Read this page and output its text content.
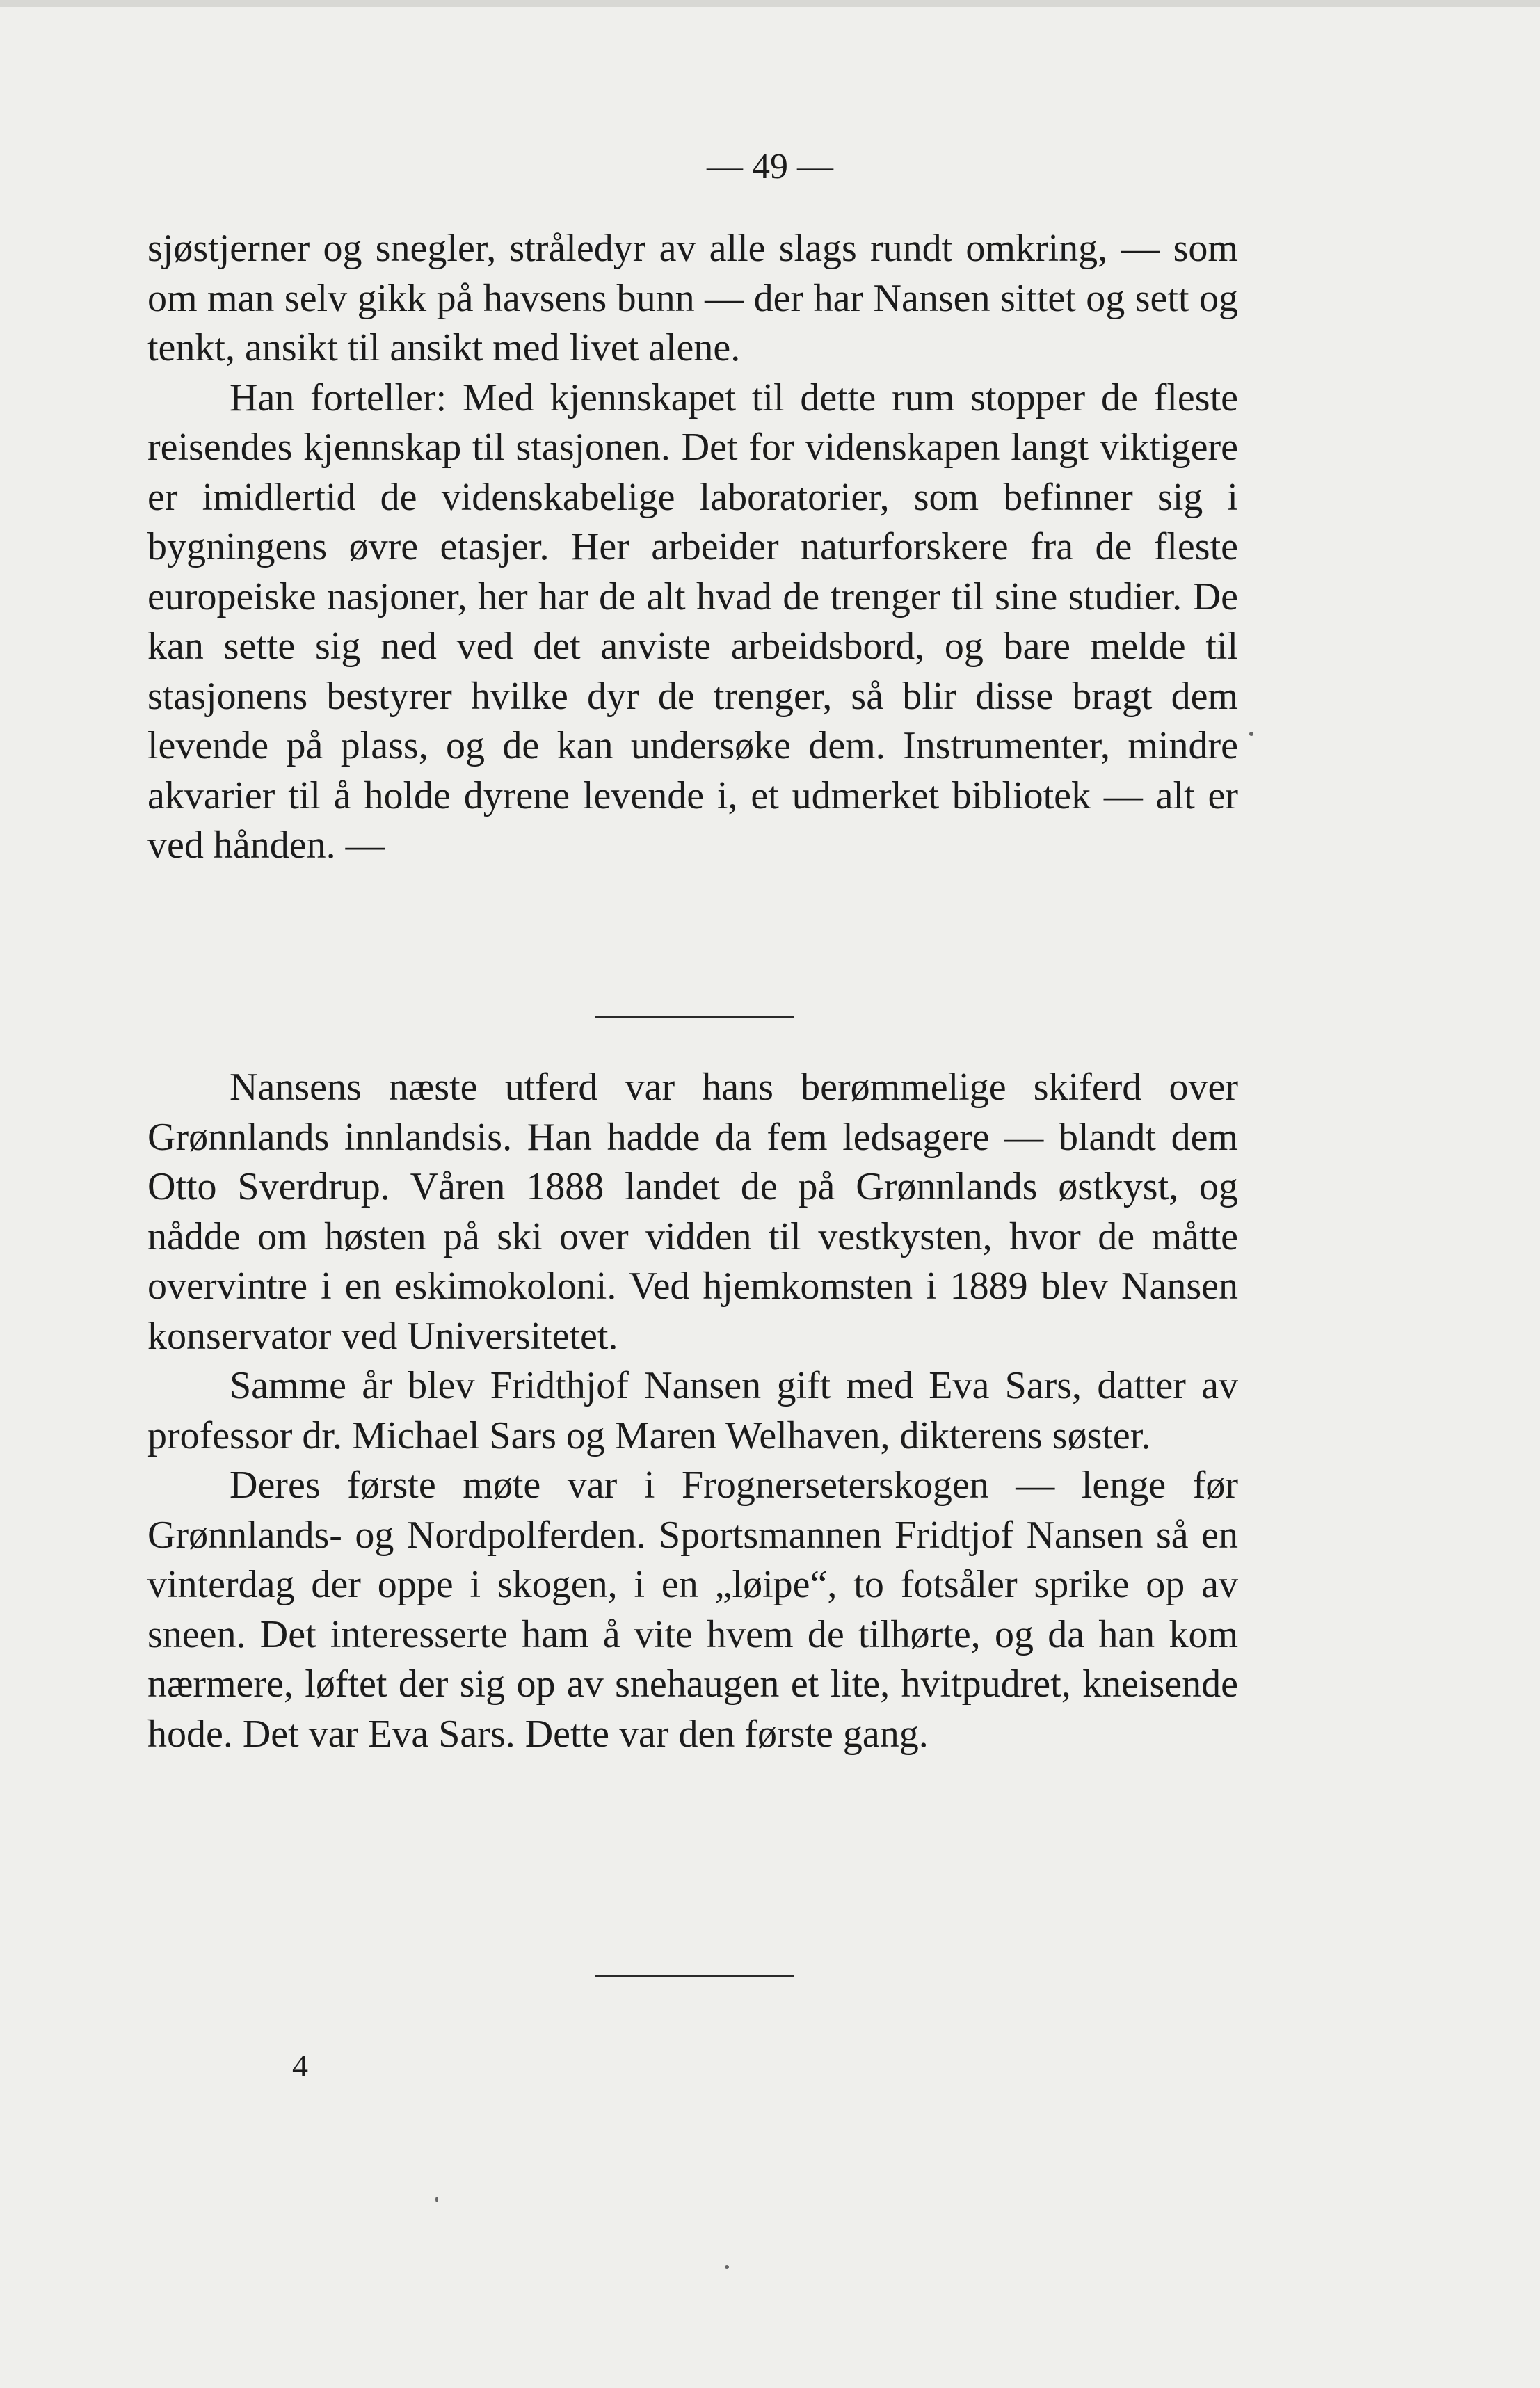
— 49 —

sjøstjerner og snegler, stråledyr av alle slags rundt omkring, — som om man selv gikk på havsens bunn — der har Nansen sittet og sett og tenkt, ansikt til ansikt med livet alene.

Han forteller: Med kjennskapet til dette rum stopper de fleste reisendes kjennskap til stasjonen. Det for videnskapen langt viktigere er imidlertid de videnskabelige laboratorier, som befinner sig i bygningens øvre etasjer. Her arbeider naturforskere fra de fleste europeiske nasjoner, her har de alt hvad de trenger til sine studier. De kan sette sig ned ved det anviste arbeidsbord, og bare melde til stasjonens bestyrer hvilke dyr de trenger, så blir disse bragt dem levende på plass, og de kan undersøke dem. Instrumenter, mindre akvarier til å holde dyrene levende i, et udmerket bibliotek — alt er ved hånden. —

Nansens næste utferd var hans berømmelige skiferd over Grønnlands innlandsis. Han hadde da fem ledsagere — blandt dem Otto Sverdrup. Våren 1888 landet de på Grønnlands østkyst, og nådde om høsten på ski over vidden til vestkysten, hvor de måtte overvintre i en eskimokoloni. Ved hjemkomsten i 1889 blev Nansen konservator ved Universitetet.

Samme år blev Fridthjof Nansen gift med Eva Sars, datter av professor dr. Michael Sars og Maren Welhaven, dikterens søster.

Deres første møte var i Frognerseterskogen — lenge før Grønnlands- og Nordpolferden. Sportsmannen Fridtjof Nansen så en vinterdag der oppe i skogen, i en „løipe“, to fotsåler sprike op av sneen. Det interesserte ham å vite hvem de tilhørte, og da han kom nærmere, løftet der sig op av snehaugen et lite, hvitpudret, kneisende hode. Det var Eva Sars. Dette var den første gang.

4
